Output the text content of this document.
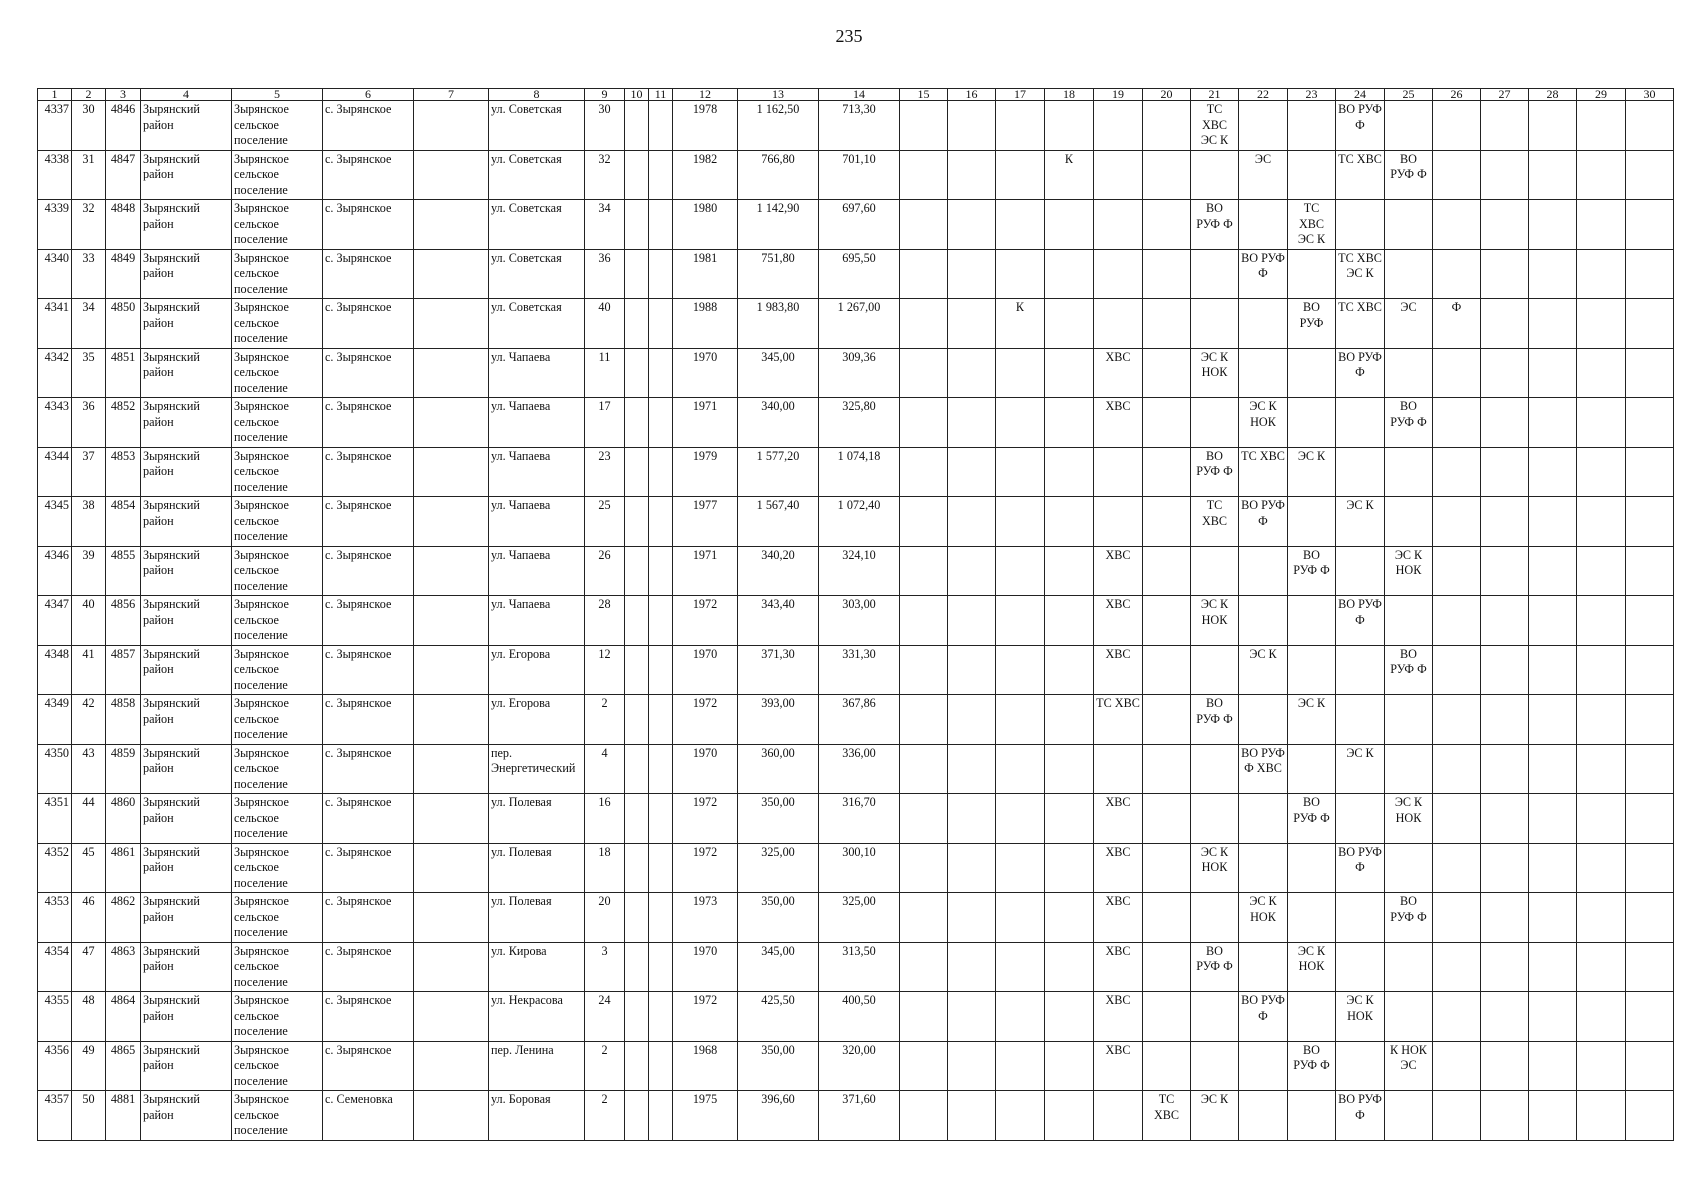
235
1	2	3	4	5	6	7	8	9	10	11	12	13	14	15	16	17	18	19	20	21	22	23	24	25	26	27	28	29	30
4337	30	4846	Зырянский район	Зырянское сельское поселение	с. Зырянское		ул. Советская	30			1978	1 162,50	713,30							ТС ХВС ЭС К			ВО РУФ Ф						
4338	31	4847	Зырянский район	Зырянское сельское поселение	с. Зырянское		ул. Советская	32			1982	766,80	701,10				К				ЭС		ТС ХВС	ВО РУФ Ф					
4339	32	4848	Зырянский район	Зырянское сельское поселение	с. Зырянское		ул. Советская	34			1980	1 142,90	697,60							ВО РУФ Ф		ТС ХВС ЭС К							
4340	33	4849	Зырянский район	Зырянское сельское поселение	с. Зырянское		ул. Советская	36			1981	751,80	695,50								ВО РУФ Ф		ТС ХВС ЭС К						
4341	34	4850	Зырянский район	Зырянское сельское поселение	с. Зырянское		ул. Советская	40			1988	1 983,80	1 267,00			К						ВО РУФ	ТС ХВС	ЭС	Ф				
4342	35	4851	Зырянский район	Зырянское сельское поселение	с. Зырянское		ул. Чапаева	11			1970	345,00	309,36					ХВС		ЭС К НОК			ВО РУФ Ф						
4343	36	4852	Зырянский район	Зырянское сельское поселение	с. Зырянское		ул. Чапаева	17			1971	340,00	325,80					ХВС			ЭС К НОК			ВО РУФ Ф					
4344	37	4853	Зырянский район	Зырянское сельское поселение	с. Зырянское		ул. Чапаева	23			1979	1 577,20	1 074,18							ВО РУФ Ф	ТС ХВС	ЭС К							
4345	38	4854	Зырянский район	Зырянское сельское поселение	с. Зырянское		ул. Чапаева	25			1977	1 567,40	1 072,40							ТС ХВС	ВО РУФ Ф		ЭС К						
4346	39	4855	Зырянский район	Зырянское сельское поселение	с. Зырянское		ул. Чапаева	26			1971	340,20	324,10					ХВС				ВО РУФ Ф		ЭС К НОК					
4347	40	4856	Зырянский район	Зырянское сельское поселение	с. Зырянское		ул. Чапаева	28			1972	343,40	303,00					ХВС		ЭС К НОК			ВО РУФ Ф						
4348	41	4857	Зырянский район	Зырянское сельское поселение	с. Зырянское		ул. Егорова	12			1970	371,30	331,30					ХВС			ЭС К			ВО РУФ Ф					
4349	42	4858	Зырянский район	Зырянское сельское поселение	с. Зырянское		ул. Егорова	2			1972	393,00	367,86					ТС ХВС		ВО РУФ Ф		ЭС К							
4350	43	4859	Зырянский район	Зырянское сельское поселение	с. Зырянское		пер. Энергетический	4			1970	360,00	336,00								ВО РУФ Ф ХВС		ЭС К						
4351	44	4860	Зырянский район	Зырянское сельское поселение	с. Зырянское		ул. Полевая	16			1972	350,00	316,70					ХВС				ВО РУФ Ф		ЭС К НОК					
4352	45	4861	Зырянский район	Зырянское сельское поселение	с. Зырянское		ул. Полевая	18			1972	325,00	300,10					ХВС		ЭС К НОК			ВО РУФ Ф						
4353	46	4862	Зырянский район	Зырянское сельское поселение	с. Зырянское		ул. Полевая	20			1973	350,00	325,00					ХВС			ЭС К НОК			ВО РУФ Ф					
4354	47	4863	Зырянский район	Зырянское сельское поселение	с. Зырянское		ул. Кирова	3			1970	345,00	313,50					ХВС		ВО РУФ Ф		ЭС К НОК							
4355	48	4864	Зырянский район	Зырянское сельское поселение	с. Зырянское		ул. Некрасова	24			1972	425,50	400,50					ХВС			ВО РУФ Ф		ЭС К НОК						
4356	49	4865	Зырянский район	Зырянское сельское поселение	с. Зырянское		пер. Ленина	2			1968	350,00	320,00					ХВС				ВО РУФ Ф		К НОК ЭС					
4357	50	4881	Зырянский район	Зырянское сельское поселение	с. Семеновка		ул. Боровая	2			1975	396,60	371,60						ТС ХВС	ЭС К			ВО РУФ Ф						
